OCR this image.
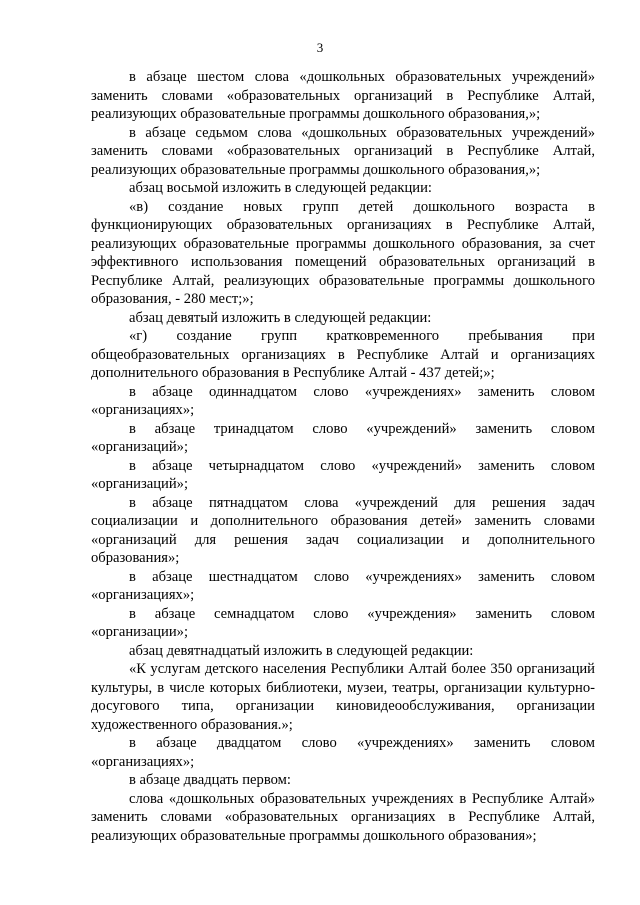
3

в абзаце шестом слова «дошкольных образовательных учреждений» заменить словами «образовательных организаций в Республике Алтай, реализующих образовательные программы дошкольного образования,»;

в абзаце седьмом слова «дошкольных образовательных учреждений» заменить словами «образовательных организаций в Республике Алтай, реализующих образовательные программы дошкольного образования,»;

абзац восьмой изложить в следующей редакции:

«в) создание новых групп детей дошкольного возраста в функционирующих образовательных организациях в Республике Алтай, реализующих образовательные программы дошкольного образования, за счет эффективного использования помещений образовательных организаций в Республике Алтай, реализующих образовательные программы дошкольного образования, - 280 мест;»;

абзац девятый изложить в следующей редакции:

«г) создание групп кратковременного пребывания при общеобразовательных организациях в Республике Алтай и организациях дополнительного образования в Республике Алтай - 437 детей;»;

в абзаце одиннадцатом слово «учреждениях» заменить словом «организациях»;

в абзаце тринадцатом слово «учреждений» заменить словом «организаций»;

в абзаце четырнадцатом слово «учреждений» заменить словом «организаций»;

в абзаце пятнадцатом слова «учреждений для решения задач социализации и дополнительного образования детей» заменить словами «организаций для решения задач социализации и дополнительного образования»;

в абзаце шестнадцатом слово «учреждениях» заменить словом «организациях»;

в абзаце семнадцатом слово «учреждения» заменить словом «организации»;

абзац девятнадцатый изложить в следующей редакции:

«К услугам детского населения Республики Алтай более 350 организаций культуры, в числе которых библиотеки, музеи, театры, организации культурно-досугового типа, организации киновидеообслуживания, организации художественного образования.»;

в абзаце двадцатом слово «учреждениях» заменить словом «организациях»;

в абзаце двадцать первом:

слова «дошкольных образовательных учреждениях в Республике Алтай» заменить словами «образовательных организациях в Республике Алтай, реализующих образовательные программы дошкольного образования»;
